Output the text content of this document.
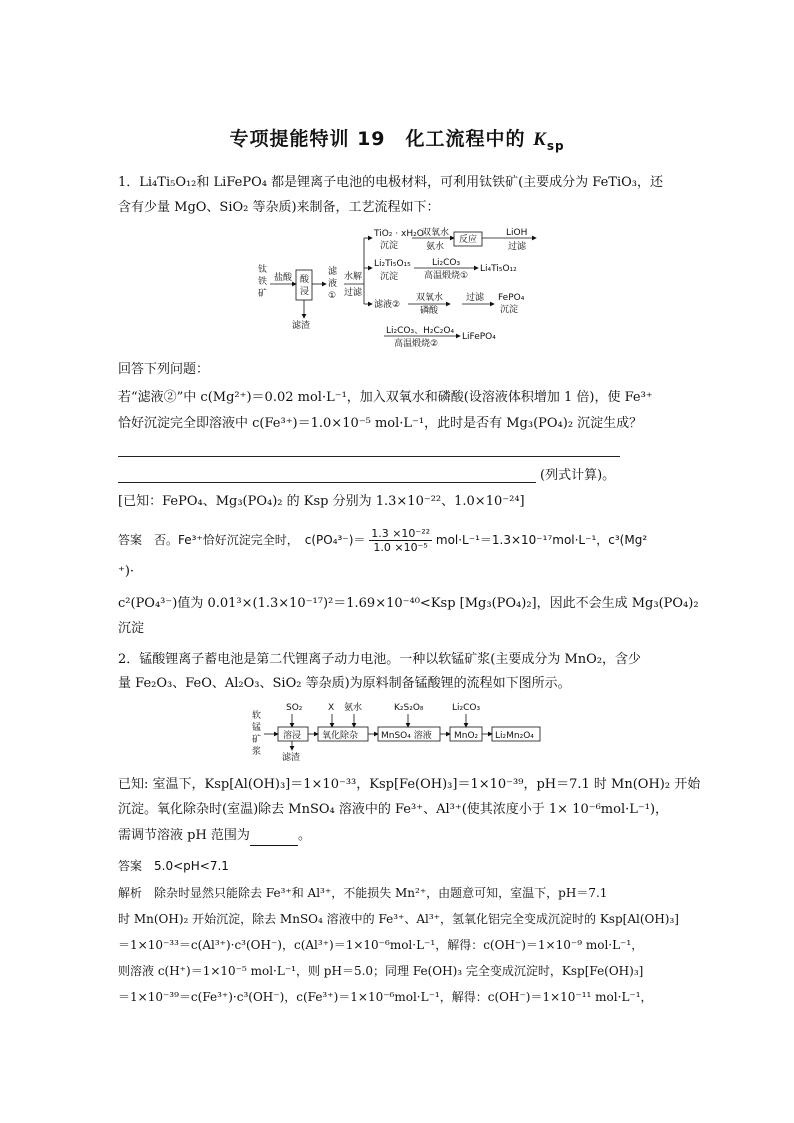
专项提能特训 19　化工流程中的 $K_{sp}$
1．Li₄Ti₅O₁₂和 LiFePO₄ 都是锂离子电池的电极材料，可利用钛铁矿(主要成分为 FeTiO₃，还
含有少量 MgO、SiO₂ 等杂质)来制备，工艺流程如下：
钛
铁
矿
盐酸 酸
浸
滤渣
滤
液
①
水解
过滤
TiO₂ · xH₂O
沉淀
双氧水
氨水
反应
LiOH
过滤
Li₂Ti₅O₁₅
沉淀
Li₂CO₃
高温煅烧①
Li₄Ti₅O₁₂
滤液②
双氧水
磷酸
过滤 FePO₄
沉淀
Li₂CO₃、H₂C₂O₄
高温煅烧②
LiFePO₄
回答下列问题：
若“滤液②”中 c(Mg²⁺)＝0.02 mol·L⁻¹，加入双氧水和磷酸(设溶液体积增加 1 倍)，使 Fe³⁺
恰好沉淀完全即溶液中 c(Fe³⁺)＝1.0×10⁻⁵ mol·L⁻¹，此时是否有 Mg₃(PO₄)₂ 沉淀生成？
(列式计算)。
[已知：FePO₄、Mg₃(PO₄)₂ 的 Ksp 分别为 1.3×10⁻²²、1.0×10⁻²⁴]
答案　否。Fe³⁺恰好沉淀完全时，　$c(PO_4^{3-})= \frac{\text{1.3 ×10⁻²²}}{\text{1.0 ×10⁻⁵}} mol\cdot L^{-1}=1.3\times 10^{-17}mol\cdot L^{-1}$，c³(Mg²
⁺)·
c²(PO₄³⁻)值为 0.01³×(1.3×10⁻¹⁷)²＝1.69×10⁻⁴⁰<Ksp [Mg₃(PO₄)₂]，因此不会生成 Mg₃(PO₄)₂
沉淀
2．锰酸锂离子蓄电池是第二代锂离子动力电池。一种以软锰矿浆(主要成分为 MnO₂，含少
量 Fe₂O₃、FeO、Al₂O₃、SiO₂ 等杂质)为原料制备锰酸锂的流程如下图所示。
软
锰
矿
浆
SO₂	X 氨水	K₂S₂O₈	Li₂CO₃
溶浸 氧化除杂	MnSO₄ 溶液 MnO₂ Li₂Mn₂O₄
滤渣
已知: 室温下，Ksp[Al(OH)₃]＝1×10⁻³³，Ksp[Fe(OH)₃]＝1×10⁻³⁹，pH＝7.1 时 Mn(OH)₂ 开始
沉淀。氧化除杂时(室温)除去 MnSO₄ 溶液中的 Fe³⁺、Al³⁺(使其浓度小于 1× 10⁻⁶mol·L⁻¹)，
需调节溶液 pH 范围为	。
答案　5.0<pH<7.1
解析　除杂时显然只能除去 Fe³⁺和 Al³⁺，不能损失 Mn²⁺，由题意可知，室温下，pH＝7.1
时 Mn(OH)₂ 开始沉淀，除去 MnSO₄ 溶液中的 Fe³⁺、Al³⁺，氢氧化铝完全变成沉淀时的 Ksp[Al(OH)₃]
＝1×10⁻³³＝c(Al³⁺)·c³(OH⁻)，c(Al³⁺)＝1×10⁻⁶mol·L⁻¹，解得：c(OH⁻)＝1×10⁻⁹ mol·L⁻¹，
则溶液 c(H⁺)＝1×10⁻⁵ mol·L⁻¹，则 pH＝5.0；同理 Fe(OH)₃ 完全变成沉淀时，Ksp[Fe(OH)₃]
＝1×10⁻³⁹＝c(Fe³⁺)·c³(OH⁻)，c(Fe³⁺)＝1×10⁻⁶mol·L⁻¹，解得：c(OH⁻)＝1×10⁻¹¹ mol·L⁻¹，
